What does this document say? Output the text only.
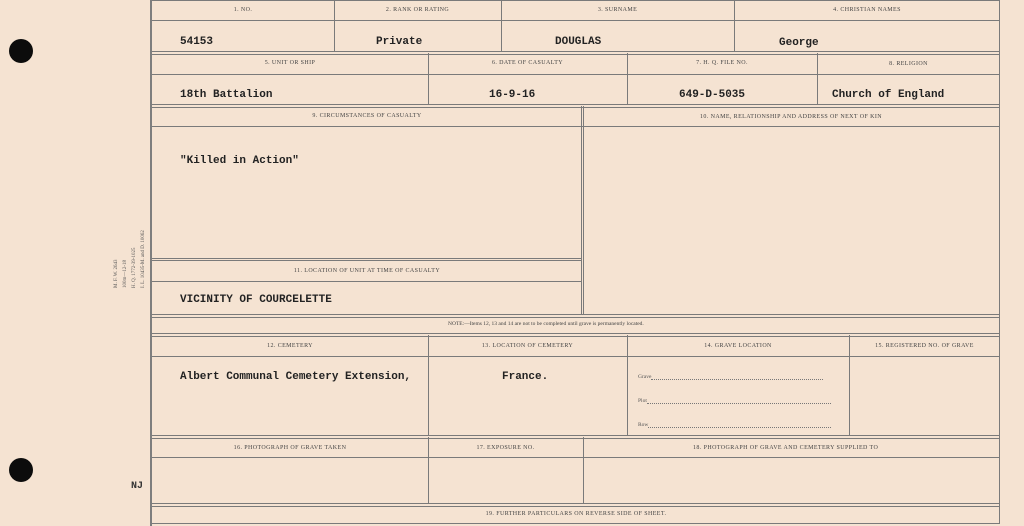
M. F. W. 2643 100m—12-18 H. Q. 1772-39-1025 I. L. 10435-M. and D. 10062
NJ
1. NO.	2. RANK OR RATING	3. SURNAME	4. CHRISTIAN NAMES
54153	Private	DOUGLAS	George
5. UNIT OR SHIP	6. DATE OF CASUALTY	7. H. Q. FILE NO.	8. RELIGION
18th Battalion	16-9-16	649-D-5035	Church of England
9. CIRCUMSTANCES OF CASUALTY	10. NAME, RELATIONSHIP AND ADDRESS OF NEXT OF KIN
"Killed in Action"
11. LOCATION OF UNIT AT TIME OF CASUALTY
VICINITY OF COURCELETTE
NOTE:—Items 12, 13 and 14 are not to be completed until grave is permanently located.
12. CEMETERY	13. LOCATION OF CEMETERY	14. GRAVE LOCATION	15. REGISTERED NO. OF GRAVE
Albert Communal Cemetery Extension,	France.	Grave
Plot
Row
16. PHOTOGRAPH OF GRAVE TAKEN	17. EXPOSURE NO.	18. PHOTOGRAPH OF GRAVE AND CEMETERY SUPPLIED TO
19. FURTHER PARTICULARS ON REVERSE SIDE OF SHEET.
